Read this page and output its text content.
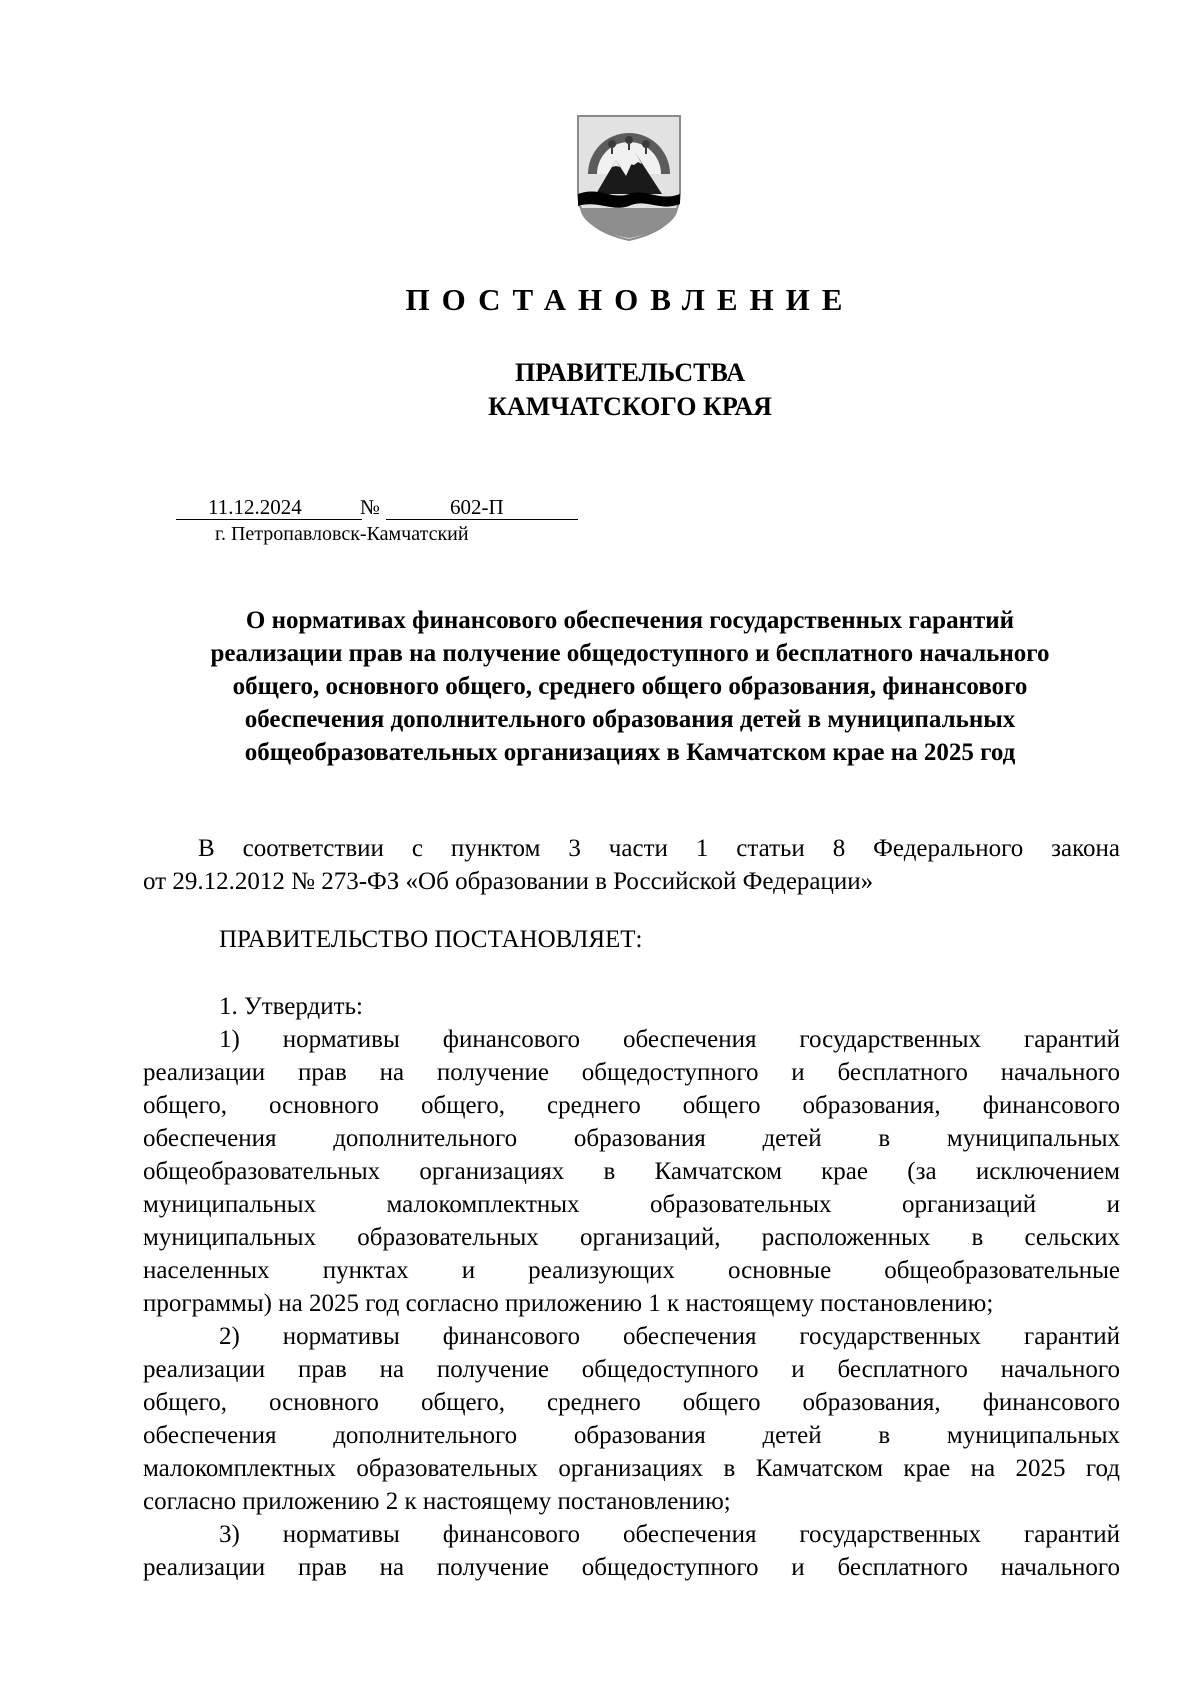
ПОСТАНОВЛЕНИЕ
ПРАВИТЕЛЬСТВА
КАМЧАТСКОГО КРАЯ
11.12.2024	№	602-П
г. Петропавловск-Камчатский
О нормативах финансового обеспечения государственных гарантий
реализации прав на получение общедоступного и бесплатного начального
общего, основного общего, среднего общего образования, финансового
обеспечения дополнительного образования детей в муниципальных
общеобразовательных организациях в Камчатском крае на 2025 год
В соответствии с пунктом 3 части 1 статьи 8 Федерального закона
от 29.12.2012 № 273-ФЗ «Об образовании в Российской Федерации»
ПРАВИТЕЛЬСТВО ПОСТАНОВЛЯЕТ:
1. Утвердить:
1) нормативы финансового обеспечения государственных гарантий
реализации прав на получение общедоступного и бесплатного начального
общего, основного общего, среднего общего образования, финансового
обеспечения дополнительного образования детей в муниципальных
общеобразовательных организациях в Камчатском крае (за исключением
муниципальных малокомплектных образовательных организаций и
муниципальных образовательных организаций, расположенных в сельских
населенных пунктах и реализующих основные общеобразовательные
программы) на 2025 год согласно приложению 1 к настоящему постановлению;
2) нормативы финансового обеспечения государственных гарантий
реализации прав на получение общедоступного и бесплатного начального
общего, основного общего, среднего общего образования, финансового
обеспечения дополнительного образования детей в муниципальных
малокомплектных образовательных организациях в Камчатском крае на 2025 год
согласно приложению 2 к настоящему постановлению;
3) нормативы финансового обеспечения государственных гарантий
реализации прав на получение общедоступного и бесплатного начального
